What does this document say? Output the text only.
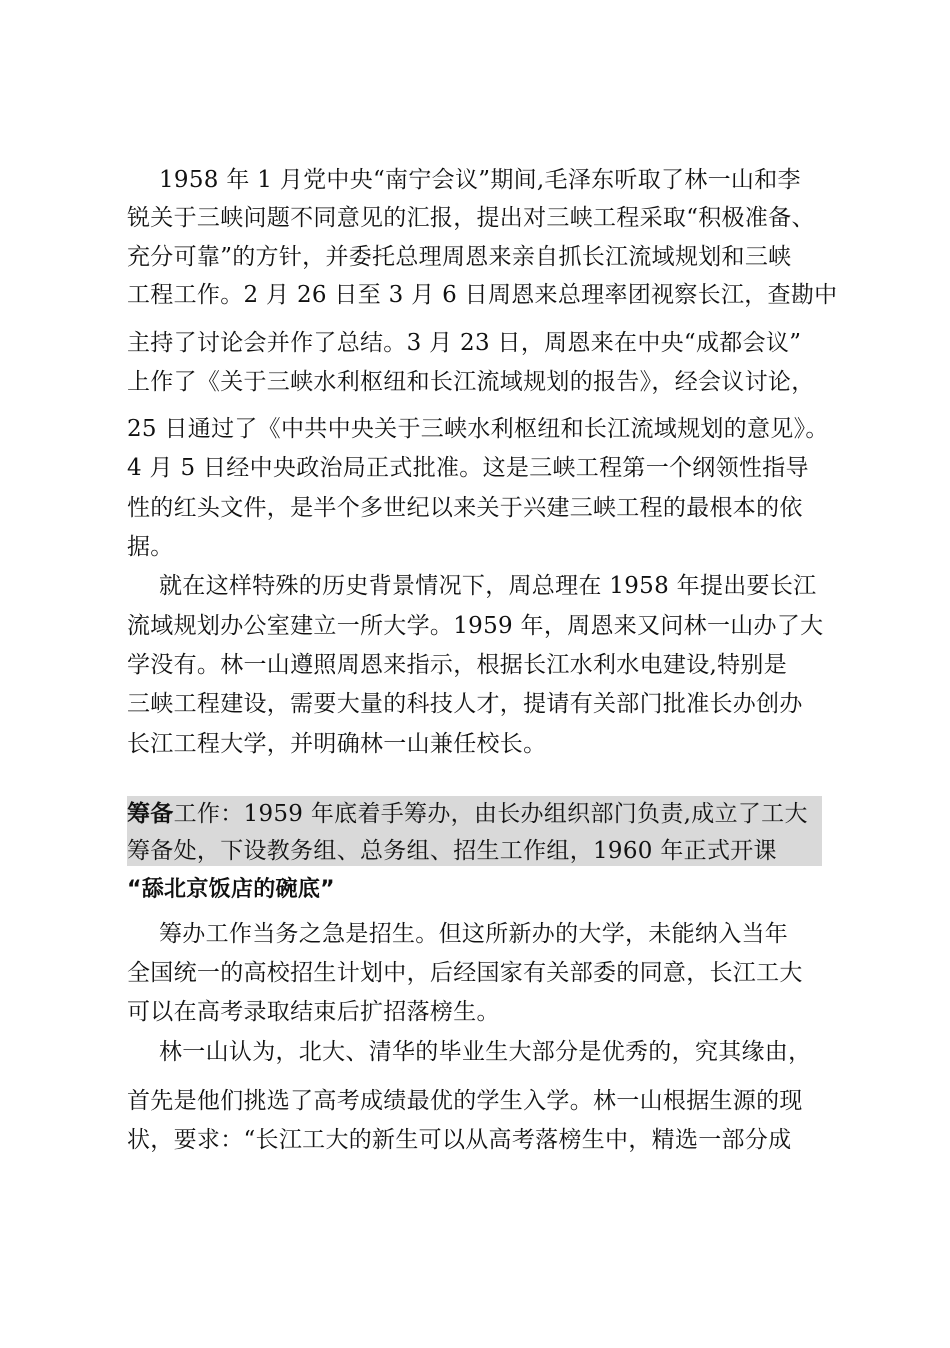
1958 年 1 月党中央“南宁会议”期间,毛泽东听取了林一山和李
锐关于三峡问题不同意见的汇报，提出对三峡工程采取“积极准备、
充分可靠”的方针，并委托总理周恩来亲自抓长江流域规划和三峡
工程工作。2 月 26 日至 3 月 6 日周恩来总理率团视察长江，查勘中
主持了讨论会并作了总结。3 月 23 日，周恩来在中央“成都会议”
上作了《关于三峡水利枢纽和长江流域规划的报告》，经会议讨论，
25 日通过了《中共中央关于三峡水利枢纽和长江流域规划的意见》。
4 月 5 日经中央政治局正式批准。这是三峡工程第一个纲领性指导
性的红头文件，是半个多世纪以来关于兴建三峡工程的最根本的依
据。
就在这样特殊的历史背景情况下，周总理在 1958 年提出要长江
流域规划办公室建立一所大学。1959 年，周恩来又问林一山办了大
学没有。林一山遵照周恩来指示，根据长江水利水电建设,特别是
三峡工程建设，需要大量的科技人才，提请有关部门批准长办创办
长江工程大学，并明确林一山兼任校长。
筹备工作：1959 年底着手筹办，由长办组织部门负责,成立了工大
筹备处，下设教务组、总务组、招生工作组，1960 年正式开课
“舔北京饭店的碗底”
筹办工作当务之急是招生。但这所新办的大学，未能纳入当年
全国统一的高校招生计划中，后经国家有关部委的同意，长江工大
可以在高考录取结束后扩招落榜生。
林一山认为，北大、清华的毕业生大部分是优秀的，究其缘由，
首先是他们挑选了高考成绩最优的学生入学。林一山根据生源的现
状，要求：“长江工大的新生可以从高考落榜生中，精选一部分成
